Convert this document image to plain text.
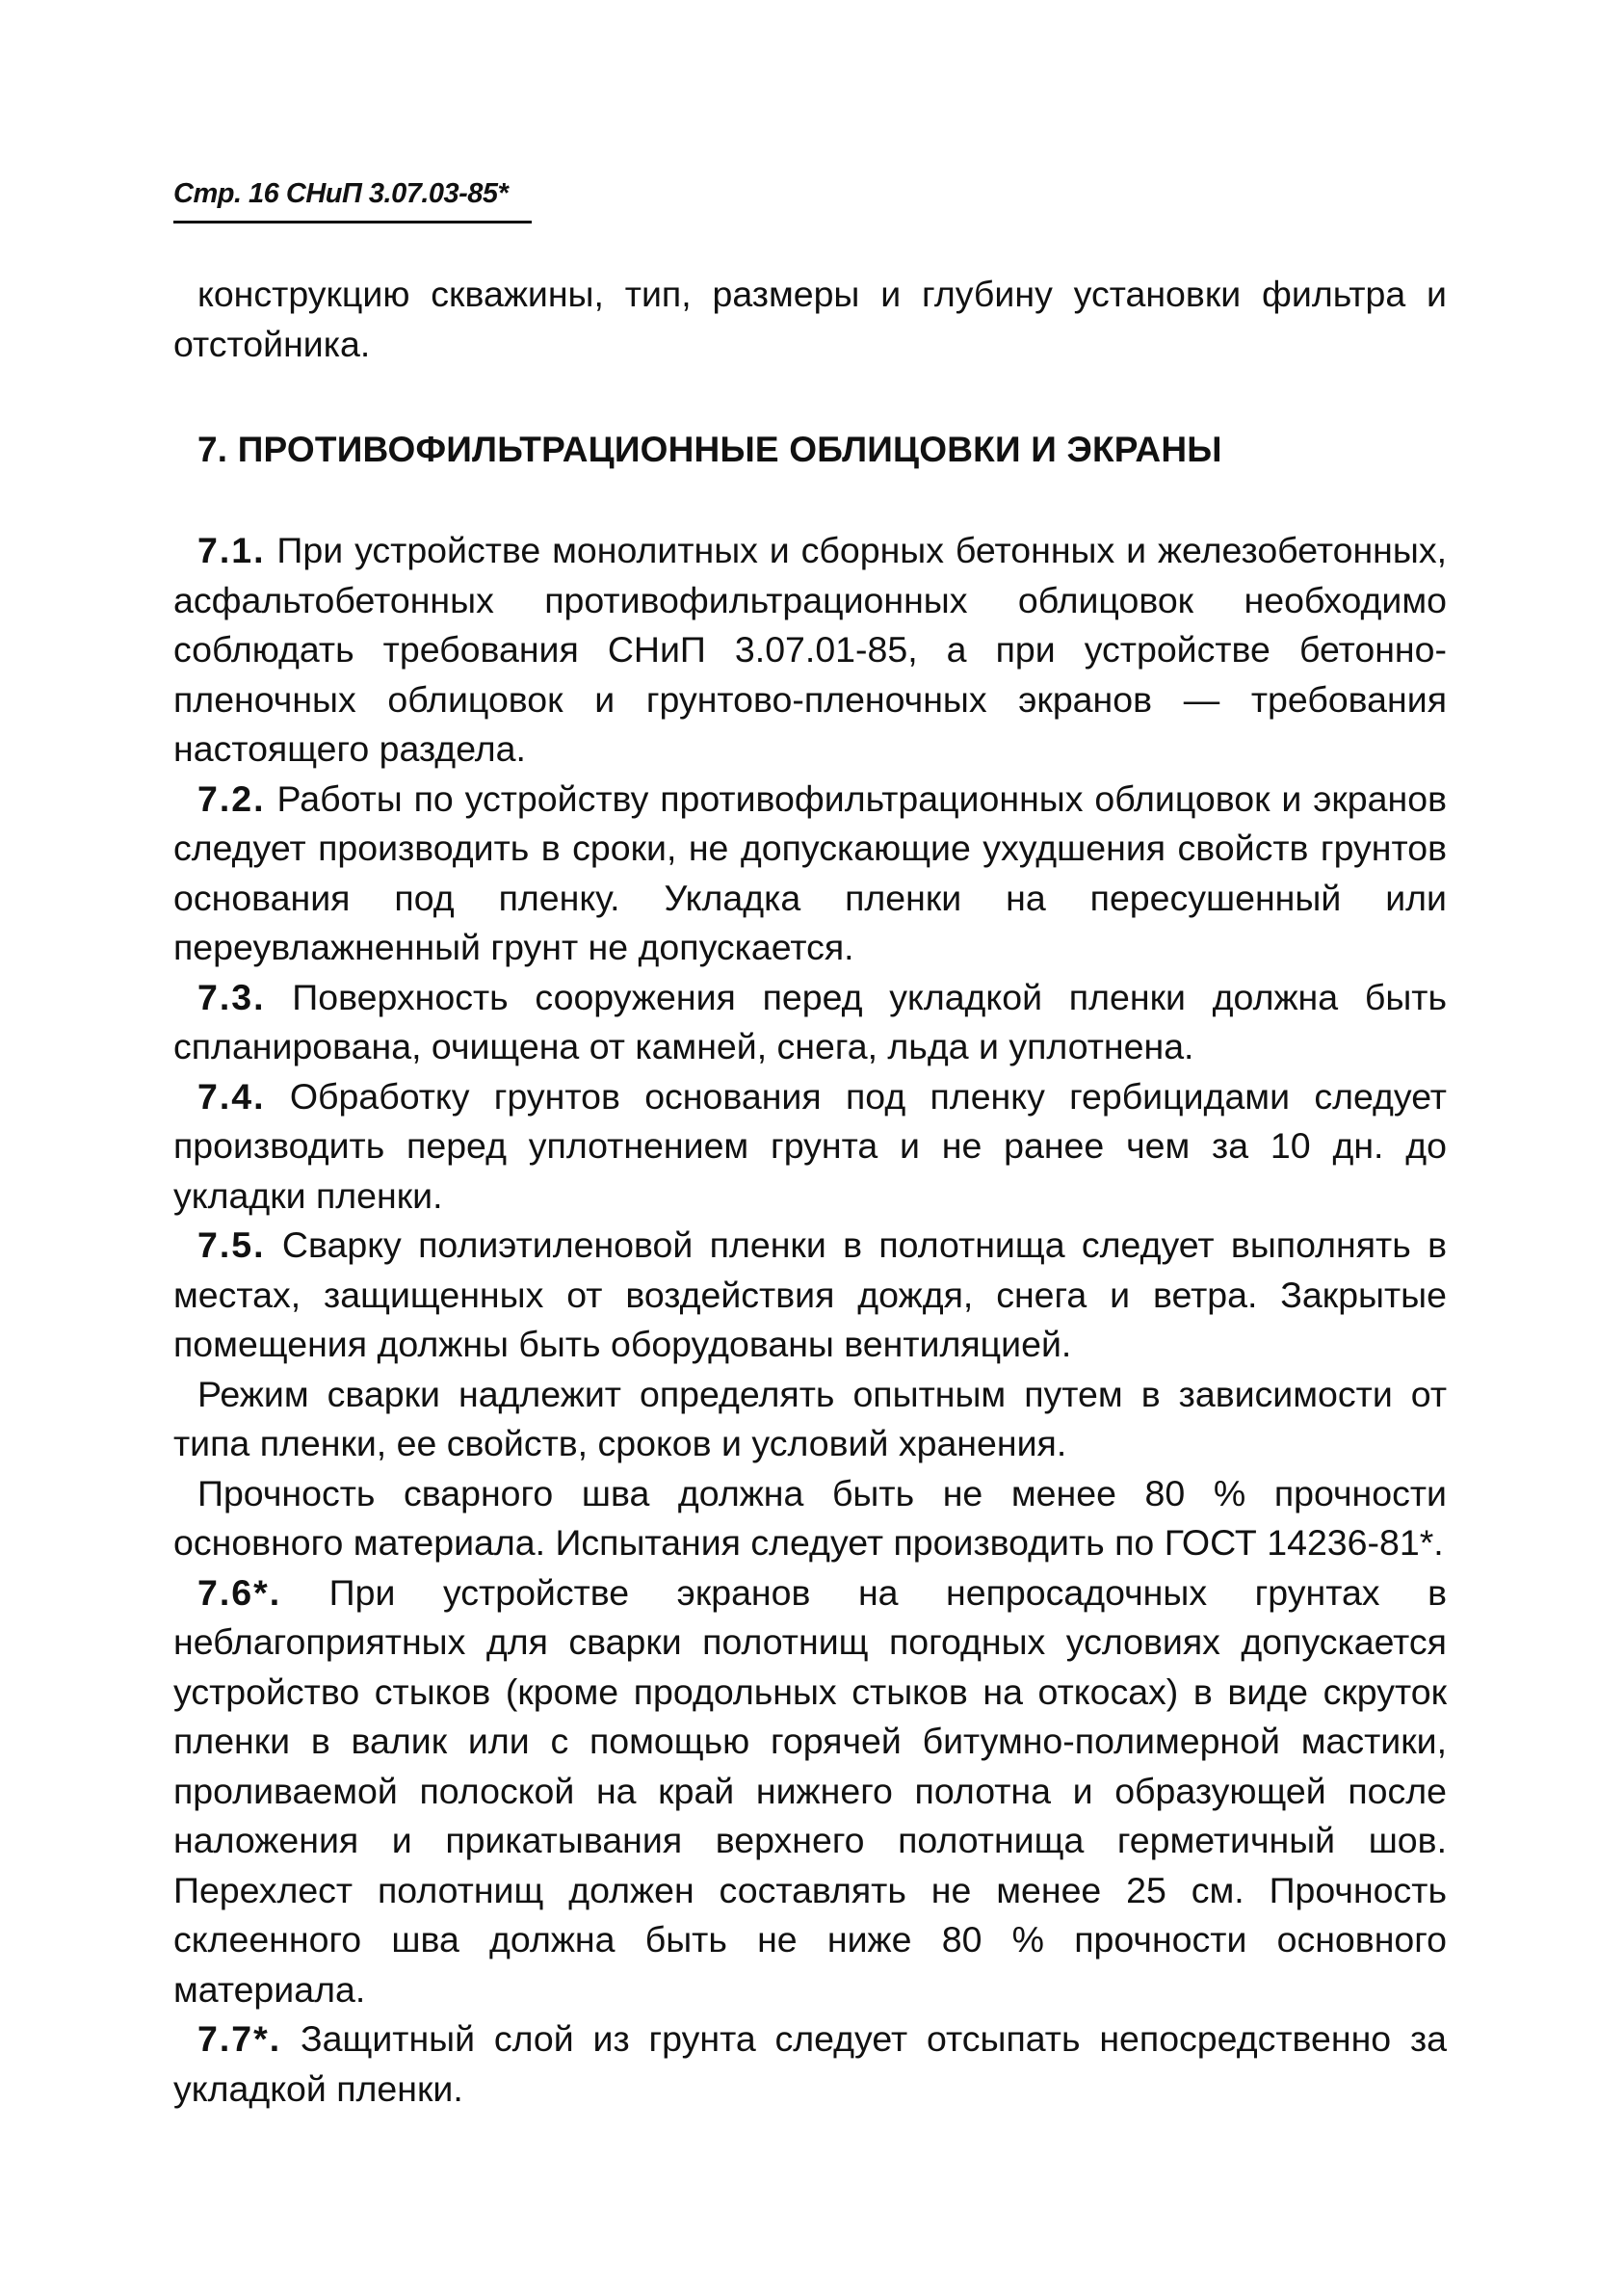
Стр. 16 СНиП 3.07.03-85*

конструкцию скважины, тип, размеры и глубину установки фильтра и отстойника.

7. ПРОТИВОФИЛЬТРАЦИОННЫЕ ОБЛИЦОВКИ И ЭКРАНЫ

7.1. При устройстве монолитных и сборных бетонных и железобетонных, асфальтобетонных противофильтрационных облицовок необходимо соблюдать требования СНиП 3.07.01-85, а при устройстве бетонно-пленочных облицовок и грунтово-пленочных экранов — требования настоящего раздела.

7.2. Работы по устройству противофильтрационных облицовок и экранов следует производить в сроки, не допускающие ухудшения свойств грунтов основания под пленку. Укладка пленки на пересушенный или переувлажненный грунт не допускается.

7.3. Поверхность сооружения перед укладкой пленки должна быть спланирована, очищена от камней, снега, льда и уплотнена.

7.4. Обработку грунтов основания под пленку гербицидами следует производить перед уплотнением грунта и не ранее чем за 10 дн. до укладки пленки.

7.5. Сварку полиэтиленовой пленки в полотнища следует выполнять в местах, защищенных от воздействия дождя, снега и ветра. Закрытые помещения должны быть оборудованы вентиляцией.

Режим сварки надлежит определять опытным путем в зависимости от типа пленки, ее свойств, сроков и условий хранения.

Прочность сварного шва должна быть не менее 80 % прочности основного материала. Испытания следует производить по ГОСТ 14236-81*.

7.6*. При устройстве экранов на непросадочных грунтах в неблагоприятных для сварки полотнищ погодных условиях допускается устройство стыков (кроме продольных стыков на откосах) в виде скруток пленки в валик или с помощью горячей битумно-полимерной мастики, проливаемой полоской на край нижнего полотна и образующей после наложения и прикатывания верхнего полотнища герметичный шов. Перехлест полотнищ должен составлять не менее 25 см. Прочность склеенного шва должна быть не ниже 80 % прочности основного материала.

7.7*. Защитный слой из грунта следует отсыпать непосредственно за укладкой пленки.
